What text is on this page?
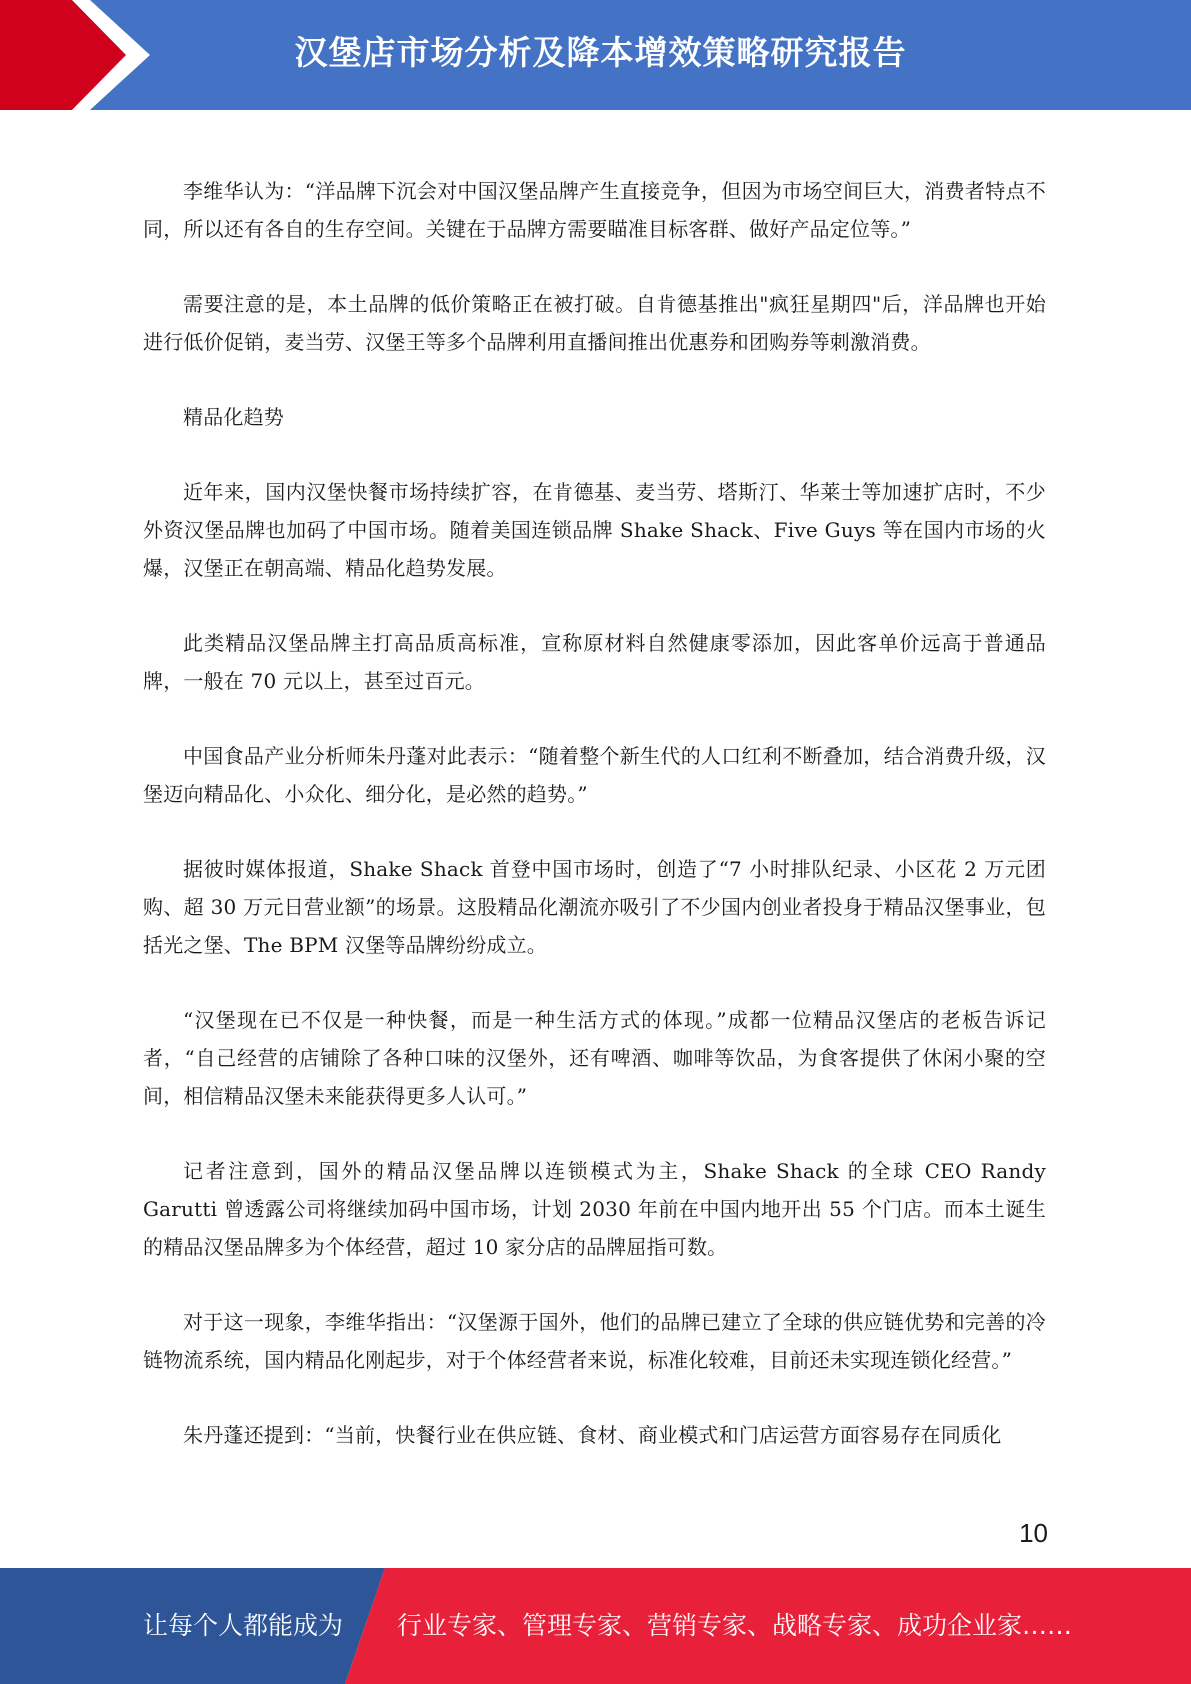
汉堡店市场分析及降本增效策略研究报告

李维华认为：“洋品牌下沉会对中国汉堡品牌产生直接竞争，但因为市场空间巨大，消费者特点不同，所以还有各自的生存空间。关键在于品牌方需要瞄准目标客群、做好产品定位等。”

需要注意的是，本土品牌的低价策略正在被打破。自肯德基推出"疯狂星期四"后，洋品牌也开始进行低价促销，麦当劳、汉堡王等多个品牌利用直播间推出优惠券和团购券等刺激消费。

精品化趋势

近年来，国内汉堡快餐市场持续扩容，在肯德基、麦当劳、塔斯汀、华莱士等加速扩店时，不少外资汉堡品牌也加码了中国市场。随着美国连锁品牌 Shake Shack、Five Guys 等在国内市场的火爆，汉堡正在朝高端、精品化趋势发展。

此类精品汉堡品牌主打高品质高标准，宣称原材料自然健康零添加，因此客单价远高于普通品牌，一般在 70 元以上，甚至过百元。

中国食品产业分析师朱丹蓬对此表示：“随着整个新生代的人口红利不断叠加，结合消费升级，汉堡迈向精品化、小众化、细分化，是必然的趋势。”

据彼时媒体报道，Shake Shack 首登中国市场时，创造了“7 小时排队纪录、小区花 2 万元团购、超 30 万元日营业额”的场景。这股精品化潮流亦吸引了不少国内创业者投身于精品汉堡事业，包括光之堡、The BPM 汉堡等品牌纷纷成立。

“汉堡现在已不仅是一种快餐，而是一种生活方式的体现。”成都一位精品汉堡店的老板告诉记者，“自己经营的店铺除了各种口味的汉堡外，还有啤酒、咖啡等饮品，为食客提供了休闲小聚的空间，相信精品汉堡未来能获得更多人认可。”

记者注意到，国外的精品汉堡品牌以连锁模式为主，Shake Shack 的全球 CEO Randy Garutti 曾透露公司将继续加码中国市场，计划 2030 年前在中国内地开出 55 个门店。而本土诞生的精品汉堡品牌多为个体经营，超过 10 家分店的品牌屈指可数。

对于这一现象，李维华指出：“汉堡源于国外，他们的品牌已建立了全球的供应链优势和完善的冷链物流系统，国内精品化刚起步，对于个体经营者来说，标准化较难，目前还未实现连锁化经营。”

朱丹蓬还提到：“当前，快餐行业在供应链、食材、商业模式和门店运营方面容易存在同质化

10
让每个人都能成为 行业专家、管理专家、营销专家、战略专家、成功企业家……
